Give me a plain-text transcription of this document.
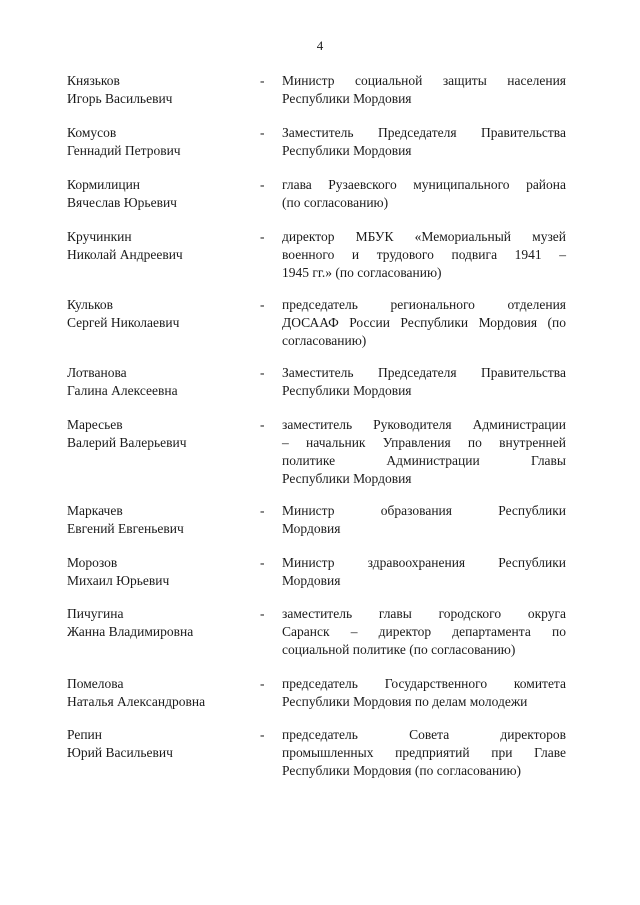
4
Князьков
Игорь Васильевич
- Министр социальной защиты населения
Республики Мордовия
Комусов
Геннадий Петрович
- Заместитель Председателя Правительства
Республики Мордовия
Кормилицин
Вячеслав Юрьевич
- глава Рузаевского муниципального района
(по согласованию)
Кручинкин
Николай Андреевич
- директор МБУК «Мемориальный музей
военного и трудового подвига 1941 –
1945 гг.» (по согласованию)
Кульков
Сергей Николаевич
- председатель регионального отделения
ДОСААФ России Республики Мордовия (по
согласованию)
Лотванова
Галина Алексеевна
- Заместитель Председателя Правительства
Республики Мордовия
Маресьев
Валерий Валерьевич
- заместитель Руководителя Администрации
– начальник Управления по внутренней
политике Администрации Главы
Республики Мордовия
Маркачев
Евгений Евгеньевич
- Министр образования Республики
Мордовия
Морозов
Михаил Юрьевич
- Министр здравоохранения Республики
Мордовия
Пичугина
Жанна Владимировна
- заместитель главы городского округа
Саранск – директор департамента по
социальной политике (по согласованию)
Помелова
Наталья Александровна
- председатель Государственного комитета
Республики Мордовия по делам молодежи
Репин
Юрий Васильевич
- председатель Совета директоров
промышленных предприятий при Главе
Республики Мордовия (по согласованию)
